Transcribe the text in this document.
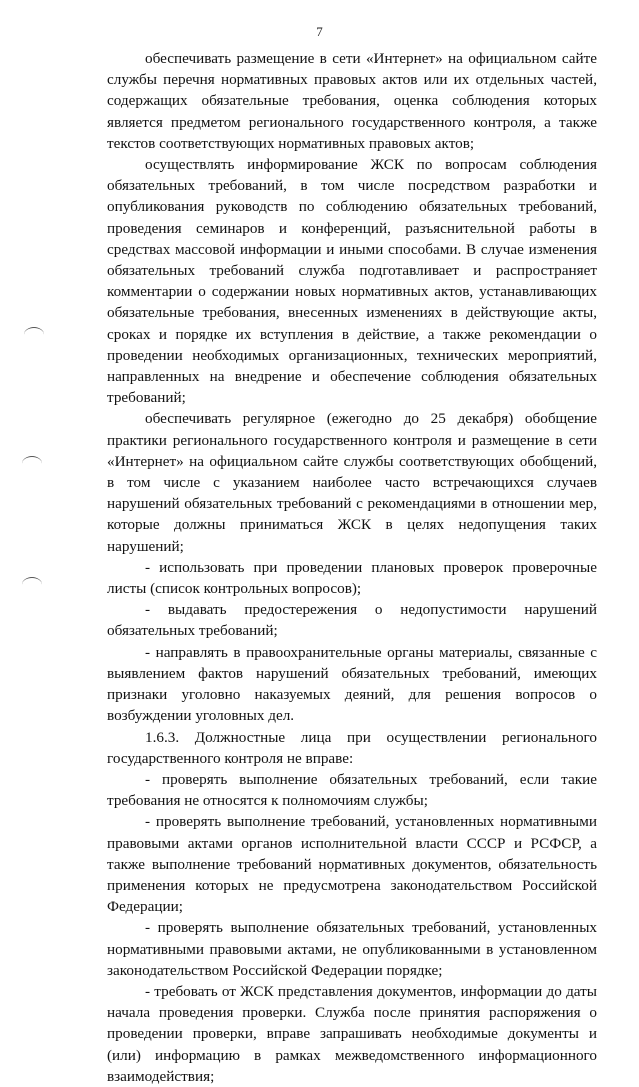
7

обеспечивать размещение в сети «Интернет» на официальном сайте службы перечня нормативных правовых актов или их отдельных частей, содержащих обязательные требования, оценка соблюдения которых является предметом регионального государственного контроля, а также текстов соответствующих нормативных правовых актов;

осуществлять информирование ЖСК по вопросам соблюдения обязательных требований, в том числе посредством разработки и опубликования руководств по соблюдению обязательных требований, проведения семинаров и конференций, разъяснительной работы в средствах массовой информации и иными способами. В случае изменения обязательных требований служба подготавливает и распространяет комментарии о содержании новых нормативных актов, устанавливающих обязательные требования, внесенных изменениях в действующие акты, сроках и порядке их вступления в действие, а также рекомендации о проведении необходимых организационных, технических мероприятий, направленных на внедрение и обеспечение соблюдения обязательных требований;

обеспечивать регулярное (ежегодно до 25 декабря) обобщение практики регионального государственного контроля и размещение в сети «Интернет» на официальном сайте службы соответствующих обобщений, в том числе с указанием наиболее часто встречающихся случаев нарушений обязательных требований с рекомендациями в отношении мер, которые должны приниматься ЖСК в целях недопущения таких нарушений;

- использовать при проведении плановых проверок проверочные листы (список контрольных вопросов);

- выдавать предостережения о недопустимости нарушений обязательных требований;

- направлять в правоохранительные органы материалы, связанные с выявлением фактов нарушений обязательных требований, имеющих признаки уголовно наказуемых деяний, для решения вопросов о возбуждении уголовных дел.

1.6.3. Должностные лица при осуществлении регионального государственного контроля не вправе:

- проверять выполнение обязательных требований, если такие требования не относятся к полномочиям службы;

- проверять выполнение требований, установленных нормативными правовыми актами органов исполнительной власти СССР и РСФСР, а также выполнение требований нормативных документов, обязательность применения которых не предусмотрена законодательством Российской Федерации;

- проверять выполнение обязательных требований, установленных нормативными правовыми актами, не опубликованными в установленном законодательством Российской Федерации порядке;

- требовать от ЖСК представления документов, информации до даты начала проведения проверки. Служба после принятия распоряжения о проведении проверки, вправе запрашивать необходимые документы и (или) информацию в рамках межведомственного информационного взаимодействия;
